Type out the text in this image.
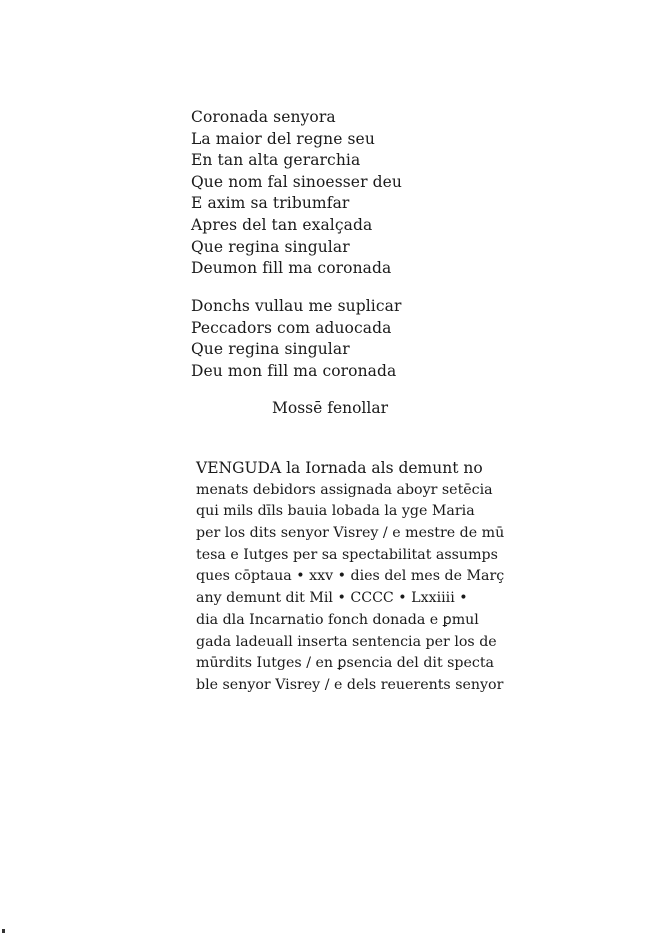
Coronada senyora
La maior del regne seu
En tan alta gerarchia
Que nom fal sinoesser deu
E axim sa tribumfar
Apres del tan exalçada
Que regina singular
Deumon fill ma coronada
Donchs vullau me suplicar
Peccadors com aduocada
Que regina singular
Deu mon fill ma coronada
Mossē fenollar
VENGUDA la Iornada als demunt no
menats debidors assignada aboyr setēcia
qui mils dīls bauia lobada la yge Maria
per los dits senyor Visrey / e mestre de mū
tesa e Iutges per sa spectabilitat assumps
ques cōptaua • xxv • dies del mes de Març
any demunt dit Mil • CCCC • Lxxiiii •
dia dla Incarnatio fonch donada e ꝑmul
gada ladeuall inserta sentencia per los de
mūrdits Iutges / en ꝑsencia del dit specta
ble senyor Visrey / e dels reuerents senyor
